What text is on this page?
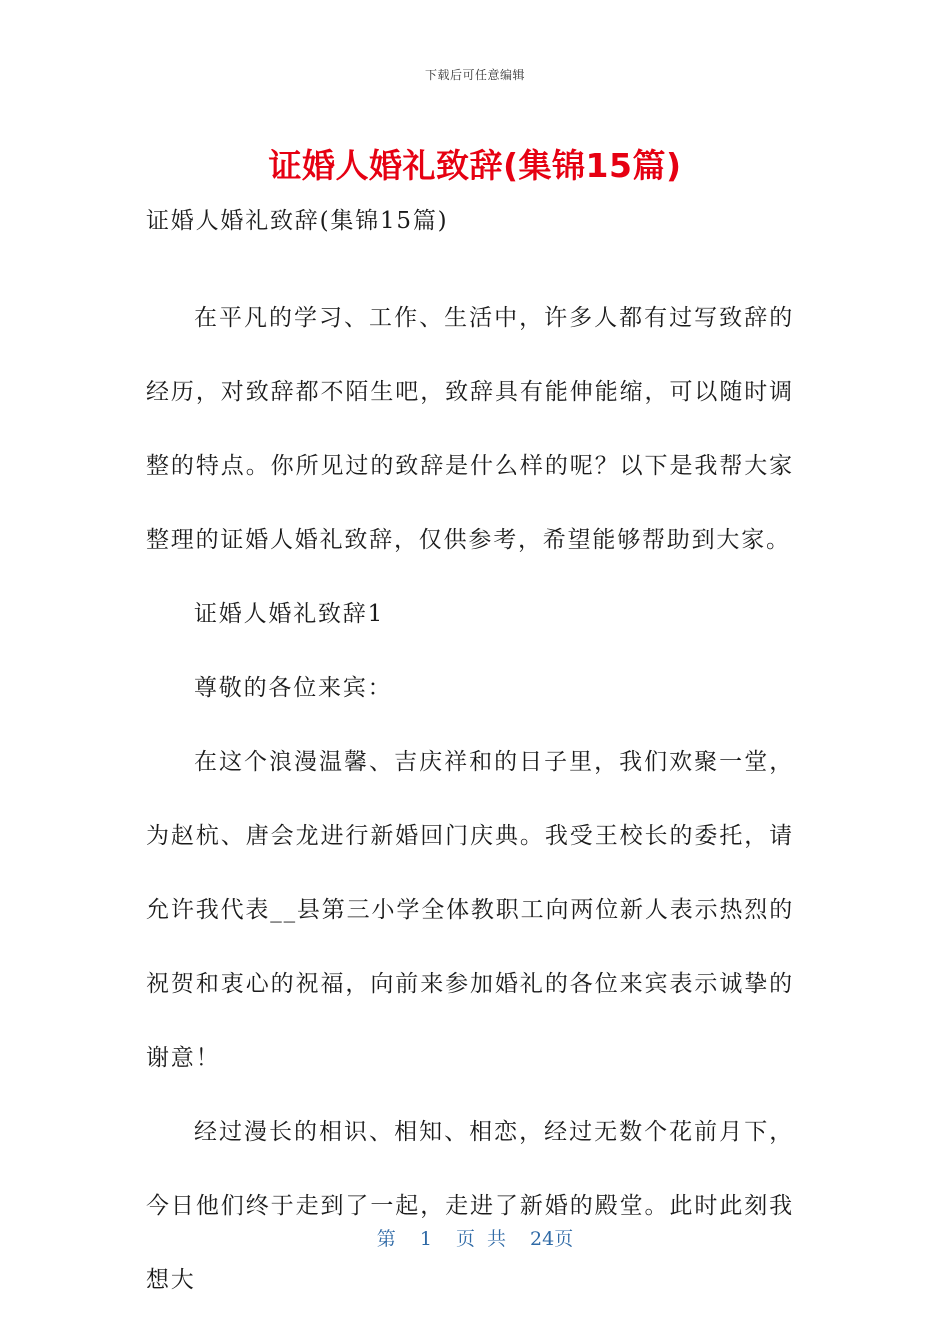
下载后可任意编辑
证婚人婚礼致辞(集锦15篇)

证婚人婚礼致辞(集锦15篇)

在平凡的学习、工作、生活中，许多人都有过写致辞的经历，对致辞都不陌生吧，致辞具有能伸能缩，可以随时调整的特点。你所见过的致辞是什么样的呢？以下是我帮大家整理的证婚人婚礼致辞，仅供参考，希望能够帮助到大家。

证婚人婚礼致辞1

尊敬的各位来宾：

在这个浪漫温馨、吉庆祥和的日子里，我们欢聚一堂，为赵杭、唐会龙进行新婚回门庆典。我受王校长的委托，请允许我代表__县第三小学全体教职工向两位新人表示热烈的祝贺和衷心的祝福，向前来参加婚礼的各位来宾表示诚挚的谢意！

经过漫长的相识、相知、相恋，经过无数个花前月下，今日他们终于走到了一起，走进了新婚的殿堂。此时此刻我想大

第 1 页 共 24页
